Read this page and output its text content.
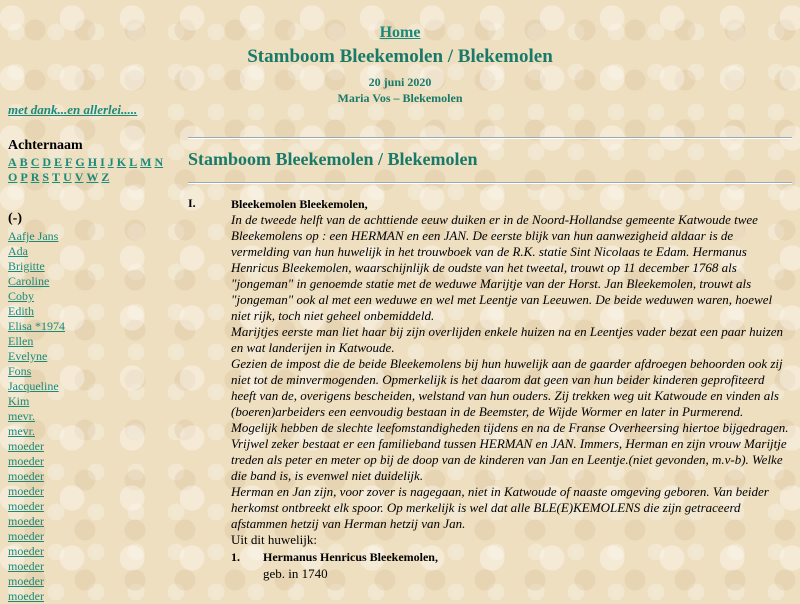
Home
Stamboom Bleekemolen / Blekemolen
20 juni 2020
Maria Vos – Blekemolen
met dank...en allerlei.....
Achternaam
A B C D E F G H I J K L M N
O P R S T U V W Z
(-)
Aafje Jans
Ada
Brigitte
Caroline
Coby
Edith
Elisa *1974
Ellen
Evelyne
Fons
Jacqueline
Kim
mevr.
mevr.
moeder
moeder
moeder
moeder
moeder
moeder
moeder
moeder
moeder
moeder
moeder
Stamboom Bleekemolen / Blekemolen
I.	Bleekemolen Bleekemolen,

In de tweede helft van de achttiende eeuw duiken er in de Noord-Hollandse gemeente Katwoude twee Bleekemolens op : een HERMAN en een JAN. De eerste blijk van hun aanwezigheid aldaar is de vermelding van hun huwelijk in het trouwboek van de R.K. statie Sint Nicolaas te Edam. Hermanus Henricus Bleekemolen, waarschijnlijk de oudste van het tweetal, trouwt op 11 december 1768 als "jongeman" in genoemde statie met de weduwe Marijtje van der Horst. Jan Bleekemolen, trouwt als "jongeman" ook al met een weduwe en wel met Leentje van Leeuwen. De beide weduwen waren, hoewel niet rijk, toch niet geheel onbemiddeld.

Marijtjes eerste man liet haar bij zijn overlijden enkele huizen na en Leentjes vader bezat een paar huizen en wat landerijen in Katwoude.

Gezien de impost die de beide Bleekemolens bij hun huwelijk aan de gaarder afdroegen behoorden ook zij niet tot de minvermogenden. Opmerkelijk is het daarom dat geen van hun beider kinderen geprofiteerd heeft van de, overigens bescheiden, welstand van hun ouders. Zij trekken weg uit Katwoude en vinden als (boeren)arbeiders een eenvoudig bestaan in de Beemster, de Wijde Wormer en later in Purmerend. Mogelijk hebben de slechte leefomstandigheden tijdens en na de Franse Overheersing hiertoe bijgedragen.

Vrijwel zeker bestaat er een familieband tussen HERMAN en JAN. Immers, Herman en zijn vrouw Marijtje treden als peter en meter op bij de doop van de kinderen van Jan en Leentje.(niet gevonden, m.v-b). Welke die band is, is evenwel niet duidelijk.

Herman en Jan zijn, voor zover is nagegaan, niet in Katwoude of naaste omgeving geboren. Van beider herkomst ontbreekt elk spoor. Op merkelijk is wel dat alle BLE(E)KEMOLENS die zijn getraceerd afstammen hetzij van Herman hetzij van Jan.

Uit dit huwelijk:
1. Hermanus Henricus Bleekemolen,
geb. in 1740
